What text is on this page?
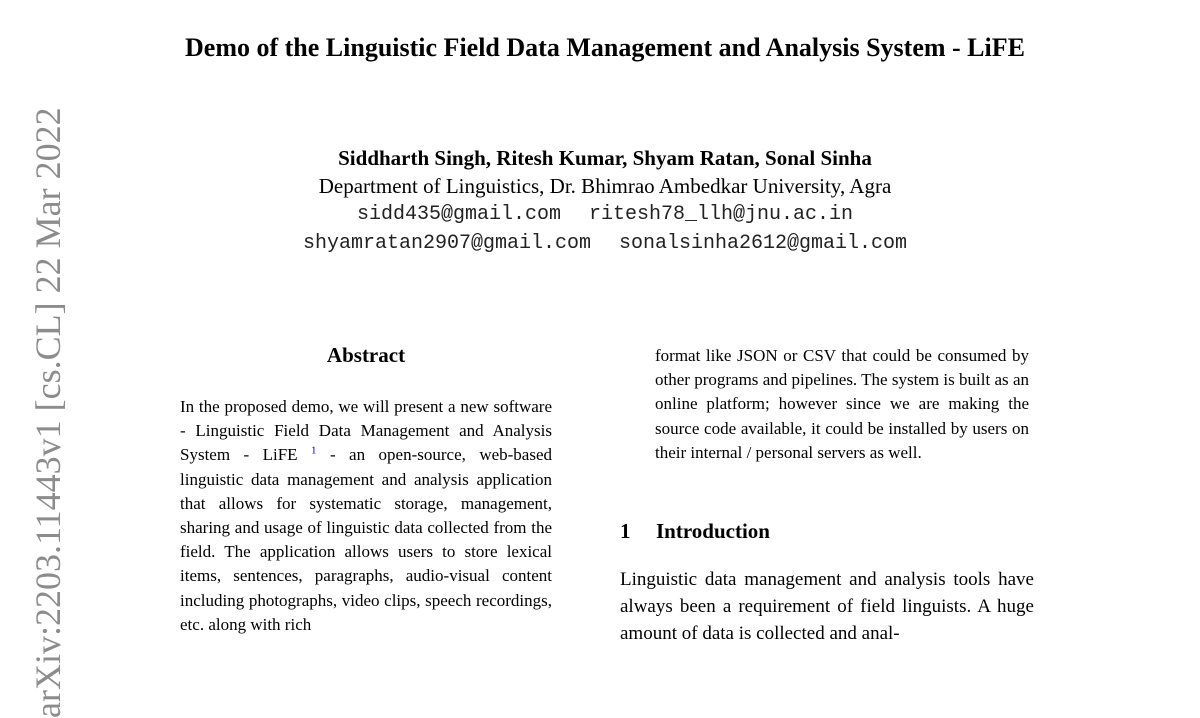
Demo of the Linguistic Field Data Management and Analysis System - LiFE
Siddharth Singh, Ritesh Kumar, Shyam Ratan, Sonal Sinha
Department of Linguistics, Dr. Bhimrao Ambedkar University, Agra
sidd435@gmail.com ritesh78_llh@jnu.ac.in
shyamratan2907@gmail.com sonalsinha2612@gmail.com
arXiv:2203.11443v1 [cs.CL] 22 Mar 2022	Abstract
In the proposed demo, we will present a new software - Linguistic Field Data Management and Analysis System - LiFE $^1$ - an open-source, web-based linguistic data management and analysis application that allows for systematic storage, management, sharing and usage of linguistic data collected from the field. The application allows users to store lexical items, sentences, paragraphs, audio-visual content including photographs, video clips, speech recordings, etc. along with rich
format like JSON or CSV that could be consumed by other programs and pipelines. The system is built as an online platform; however since we are making the source code available, it could be installed by users on their internal / personal servers as well.
1 Introduction
Linguistic data management and analysis tools have always been a requirement of field linguists. A huge amount of data is collected and anal-
